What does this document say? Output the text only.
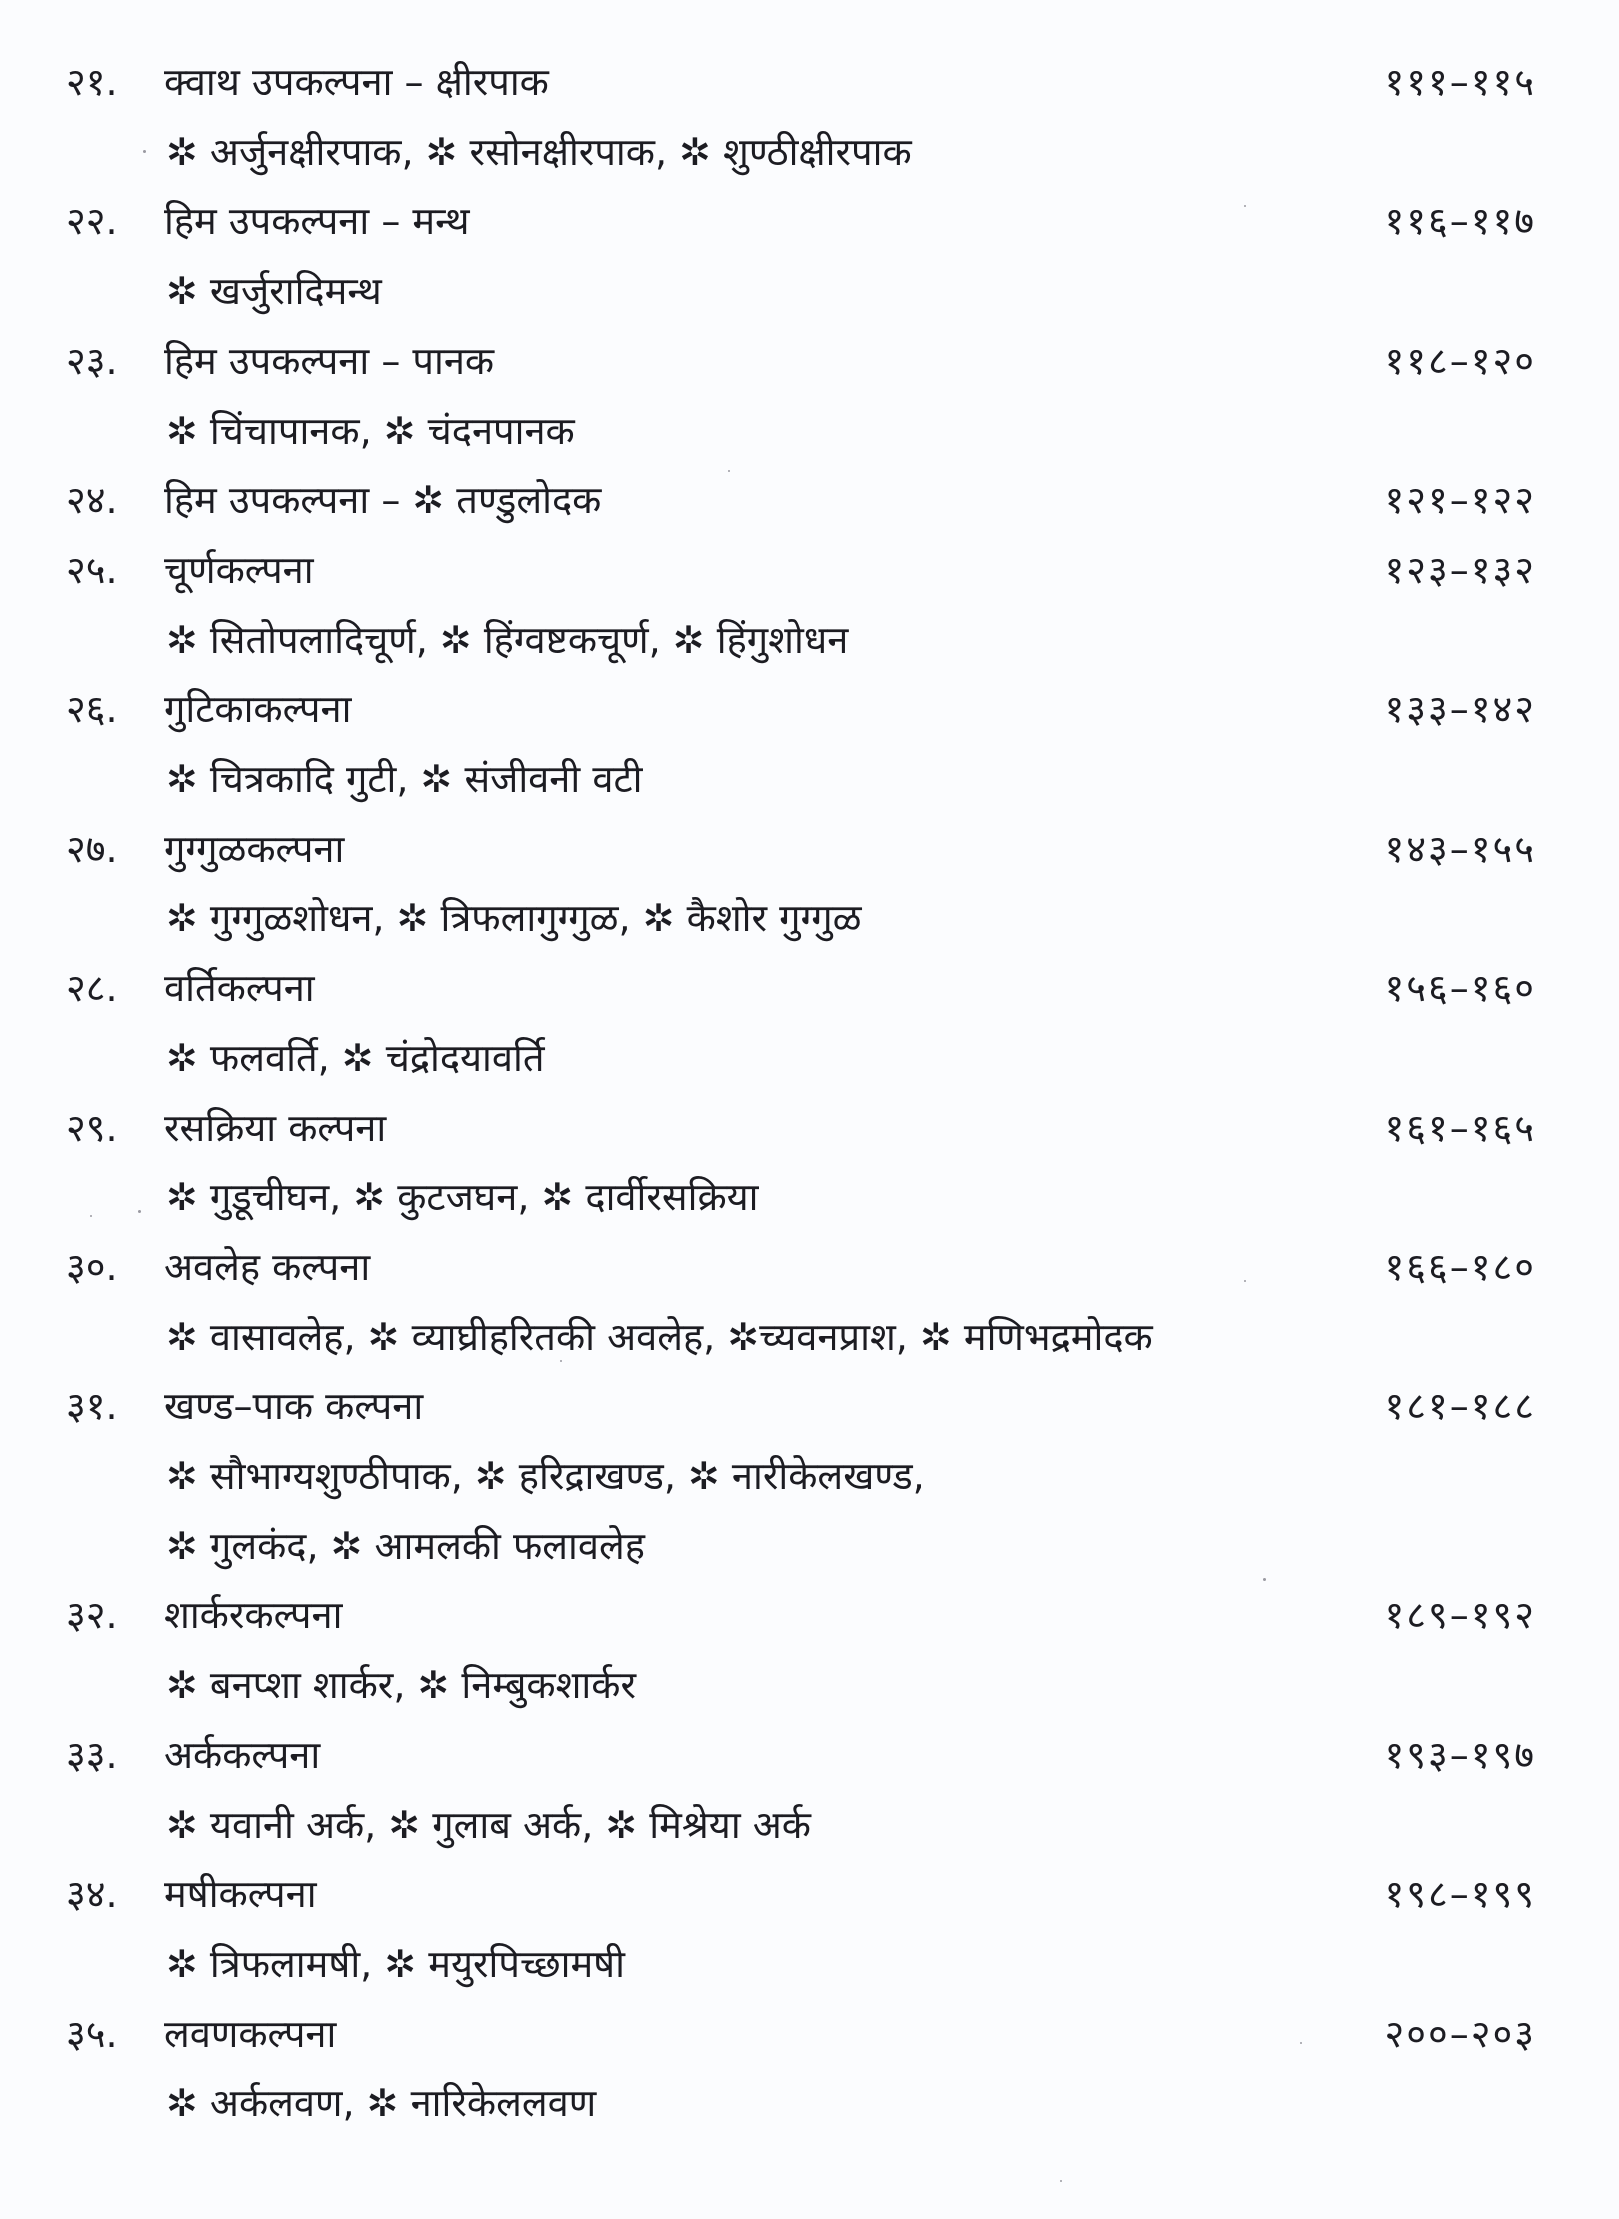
२१. क्वाथ उपकल्पना – क्षीरपाक	१११–११५
✲ अर्जुनक्षीरपाक, ✲ रसोनक्षीरपाक, ✲ शुण्ठीक्षीरपाक
२२. हिम उपकल्पना – मन्थ	११६–११७
✲ खर्जुरादिमन्थ
२३. हिम उपकल्पना – पानक	११८–१२०
✲ चिंचापानक, ✲ चंदनपानक
२४. हिम उपकल्पना – ✲ तण्डुलोदक	१२१–१२२
२५. चूर्णकल्पना	१२३–१३२
✲ सितोपलादिचूर्ण, ✲ हिंग्वष्टकचूर्ण, ✲ हिंगुशोधन
२६. गुटिकाकल्पना	१३३–१४२
✲ चित्रकादि गुटी, ✲ संजीवनी वटी
२७. गुग्गुळकल्पना	१४३–१५५
✲ गुग्गुळशोधन, ✲ त्रिफलागुग्गुळ, ✲ कैशोर गुग्गुळ
२८. वर्तिकल्पना	१५६–१६०
✲ फलवर्ति, ✲ चंद्रोदयावर्ति
२९. रसक्रिया कल्पना	१६१–१६५
✲ गुडूचीघन, ✲ कुटजघन, ✲ दार्वीरसक्रिया
३०. अवलेह कल्पना	१६६–१८०
✲ वासावलेह, ✲ व्याघ्रीहरितकी अवलेह, ✲च्यवनप्राश, ✲ मणिभद्रमोदक
३१. खण्ड–पाक कल्पना	१८१–१८८
✲ सौभाग्यशुण्ठीपाक, ✲ हरिद्राखण्ड, ✲ नारीकेलखण्ड,
✲ गुलकंद, ✲ आमलकी फलावलेह
३२. शार्करकल्पना	१८९–१९२
✲ बनप्शा शार्कर, ✲ निम्बुकशार्कर
३३. अर्ककल्पना	१९३–१९७
✲ यवानी अर्क, ✲ गुलाब अर्क, ✲ मिश्रेया अर्क
३४. मषीकल्पना	१९८–१९९
✲ त्रिफलामषी, ✲ मयुरपिच्छामषी
३५. लवणकल्पना	२००–२०३
✲ अर्कलवण, ✲ नारिकेललवण
